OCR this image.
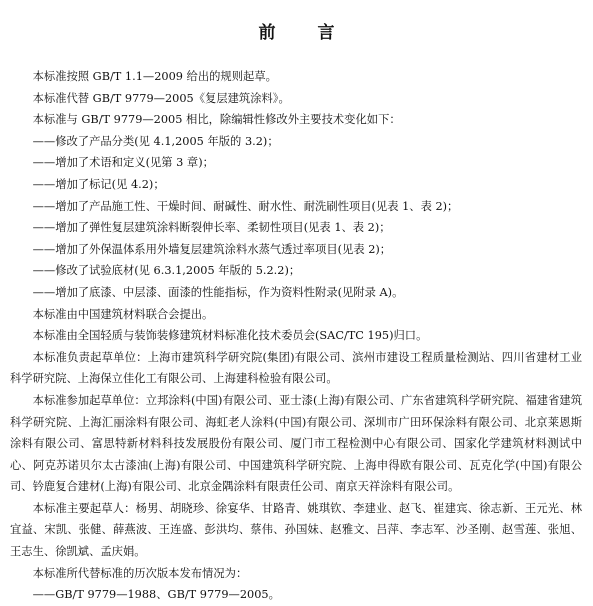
前 言

本标准按照 GB/T 1.1—2009 给出的规则起草。

本标准代替 GB/T 9779—2005《复层建筑涂料》。

本标准与 GB/T 9779—2005 相比，除编辑性修改外主要技术变化如下：

——修改了产品分类(见 4.1,2005 年版的 3.2)；

——增加了术语和定义(见第 3 章)；

——增加了标记(见 4.2)；

——增加了产品施工性、干燥时间、耐碱性、耐水性、耐洗刷性项目(见表 1、表 2)；

——增加了弹性复层建筑涂料断裂伸长率、柔韧性项目(见表 1、表 2)；

——增加了外保温体系用外墙复层建筑涂料水蒸气透过率项目(见表 2)；

——修改了试验底材(见 6.3.1,2005 年版的 5.2.2)；

——增加了底漆、中层漆、面漆的性能指标，作为资料性附录(见附录 A)。

本标准由中国建筑材料联合会提出。

本标准由全国轻质与装饰装修建筑材料标准化技术委员会(SAC/TC 195)归口。

本标准负责起草单位：上海市建筑科学研究院(集团)有限公司、滨州市建设工程质量检测站、四川省建材工业科学研究院、上海保立佳化工有限公司、上海建科检验有限公司。

本标准参加起草单位：立邦涂料(中国)有限公司、亚士漆(上海)有限公司、广东省建筑科学研究院、福建省建筑科学研究院、上海汇丽涂料有限公司、海虹老人涂料(中国)有限公司、深圳市广田环保涂料有限公司、北京莱恩斯涂料有限公司、富思特新材料科技发展股份有限公司、厦门市工程检测中心有限公司、国家化学建筑材料测试中心、阿克苏诺贝尔太古漆油(上海)有限公司、中国建筑科学研究院、上海申得欧有限公司、瓦克化学(中国)有限公司、钤鹿复合建材(上海)有限公司、北京金隅涂料有限责任公司、南京天祥涂料有限公司。

本标准主要起草人：杨男、胡晓珍、徐宴华、甘路青、姚琪钦、李建业、赵飞、崔建宾、徐志新、王元光、林宜益、宋凯、张健、薛燕波、王连盛、彭洪均、蔡伟、孙国妹、赵雅文、吕萍、李志军、沙圣刚、赵雪莲、张旭、王志生、徐凯斌、孟庆娟。

本标准所代替标准的历次版本发布情况为：

——GB/T 9779—1988、GB/T 9779—2005。
